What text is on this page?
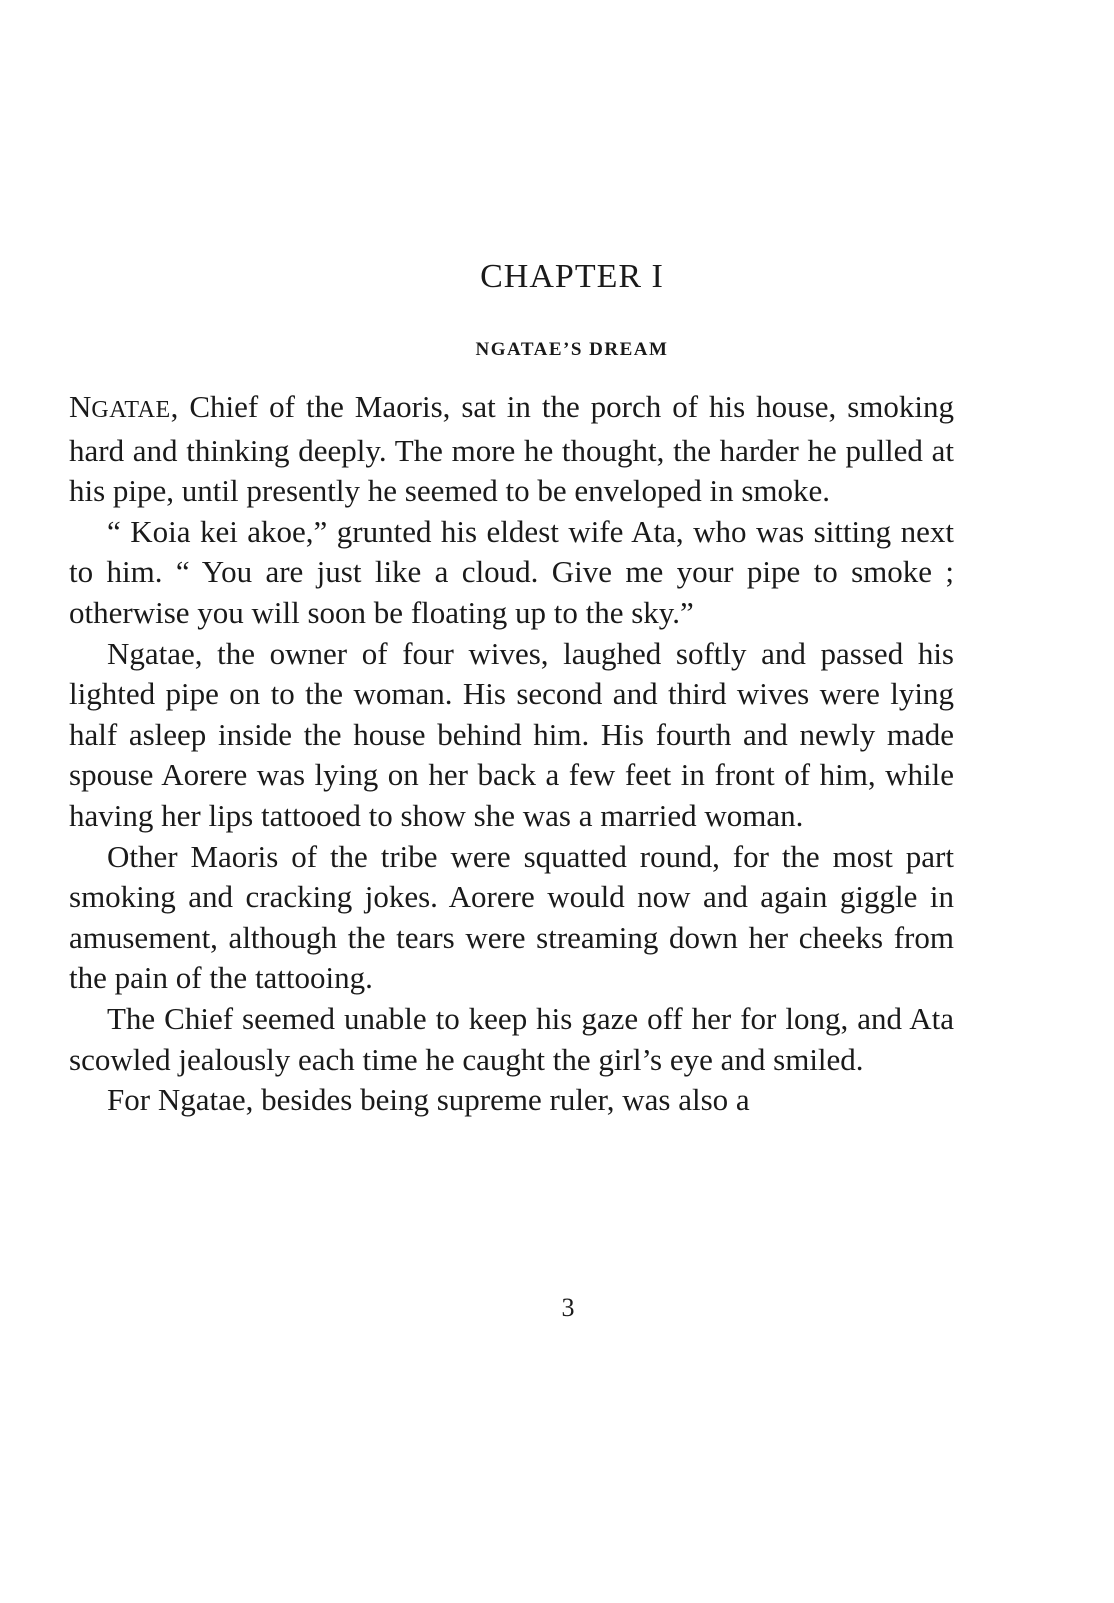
CHAPTER I
NGATAE’S DREAM

NGATAE, Chief of the Maoris, sat in the porch of his house, smoking hard and thinking deeply. The more he thought, the harder he pulled at his pipe, until presently he seemed to be enveloped in smoke.

“ Koia kei akoe,” grunted his eldest wife Ata, who was sitting next to him. “ You are just like a cloud. Give me your pipe to smoke ; otherwise you will soon be floating up to the sky.”

Ngatae, the owner of four wives, laughed softly and passed his lighted pipe on to the woman. His second and third wives were lying half asleep inside the house behind him. His fourth and newly made spouse Aorere was lying on her back a few feet in front of him, while having her lips tattooed to show she was a married woman.

Other Maoris of the tribe were squatted round, for the most part smoking and cracking jokes. Aorere would now and again giggle in amusement, although the tears were streaming down her cheeks from the pain of the tattooing.

The Chief seemed unable to keep his gaze off her for long, and Ata scowled jealously each time he caught the girl’s eye and smiled.

For Ngatae, besides being supreme ruler, was also a

3
